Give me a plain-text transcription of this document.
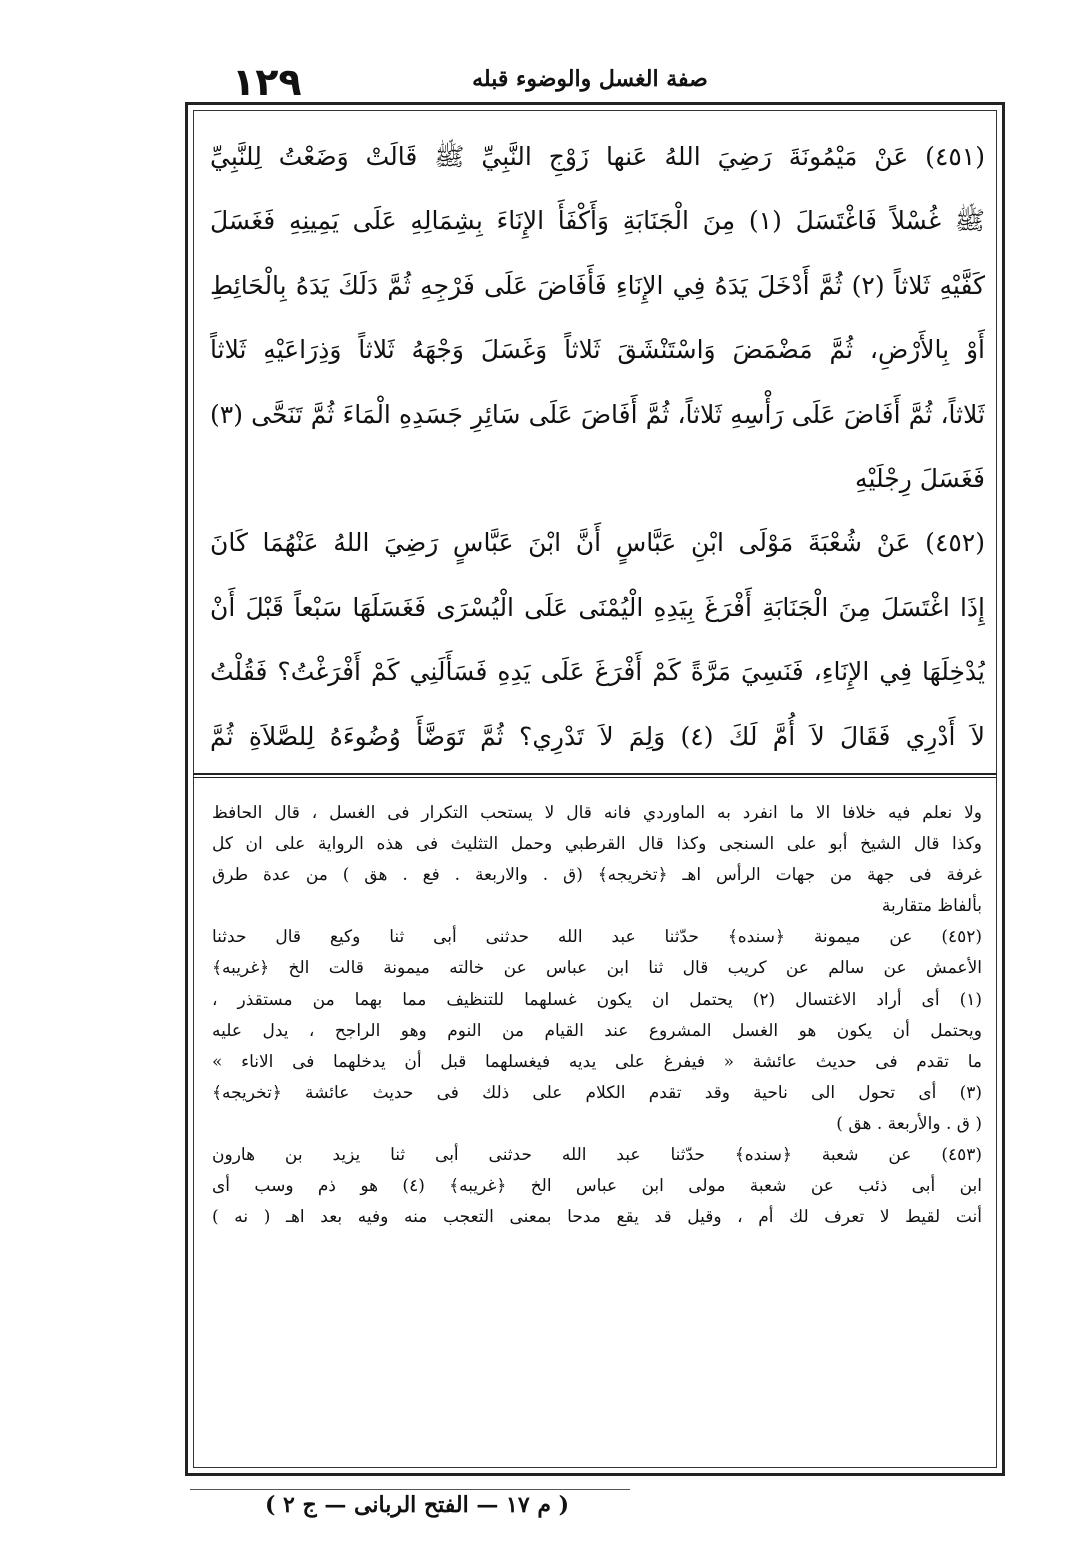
١٢٩	صفة الغسل والوضوء قبله
(٤٥١) عَنْ مَيْمُونَةَ رَضِيَ اللهُ عَنها زَوْجِ النَّبِيِّ ﷺ قَالَتْ وَضَعْتُ لِلنَّبِيِّ
ﷺ غُسْلاً فَاغْتَسَلَ (١) مِنَ الْجَنَابَةِ وَأَكْفَأَ الإِنَاءَ بِشِمَالِهِ عَلَى يَمِينِهِ فَغَسَلَ
كَفَّيْهِ ثَلاثاً (٢) ثُمَّ أَدْخَلَ يَدَهُ فِي الإِنَاءِ فَأَفَاضَ عَلَى فَرْجِهِ ثُمَّ دَلَكَ يَدَهُ بِالْحَائِطِ
أَوْ بِالأَرْضِ، ثُمَّ مَضْمَضَ وَاسْتَنْشَقَ ثَلاثاً وَغَسَلَ وَجْهَهُ ثَلاثاً وَذِرَاعَيْهِ ثَلاثاً
ثَلاثاً، ثُمَّ أَفَاضَ عَلَى رَأْسِهِ ثَلاثاً، ثُمَّ أَفَاضَ عَلَى سَائِرِ جَسَدِهِ الْمَاءَ ثُمَّ تَنَحَّى (٣)
فَغَسَلَ رِجْلَيْهِ
(٤٥٢) عَنْ شُعْبَةَ مَوْلَى ابْنِ عَبَّاسٍ أَنَّ ابْنَ عَبَّاسٍ رَضِيَ اللهُ عَنْهُمَا كَانَ
إِذَا اغْتَسَلَ مِنَ الْجَنَابَةِ أَفْرَغَ بِيَدِهِ الْيُمْنَى عَلَى الْيُسْرَى فَغَسَلَهَا سَبْعاً قَبْلَ أَنْ
يُدْخِلَهَا فِي الإِنَاءِ، فَنَسِيَ مَرَّةً كَمْ أَفْرَغَ عَلَى يَدِهِ فَسَأَلَنِي كَمْ أَفْرَغْتُ؟ فَقُلْتُ
لاَ أَدْرِي فَقَالَ لاَ أُمَّ لَكَ (٤) وَلِمَ لاَ تَدْرِي؟ ثُمَّ تَوَضَّأَ وُضُوءَهُ لِلصَّلاَةِ ثُمَّ
ولا نعلم فيه خلافا الا ما انفرد به الماوردي فانه قال لا يستحب التكرار فى الغسل ، قال الحافظ
وكذا قال الشيخ أبو على السنجى وكذا قال القرطبي وحمل التثليث فى هذه الرواية على ان كل
غرفة فى جهة من جهات الرأس اهـ ﴿تخريجه﴾ (ق . والاربعة . فع . هق ) من عدة طرق
بألفاظ متقاربة
(٤٥٢) عن ميمونة ﴿سنده﴾ حدّثنا عبد الله حدثنى أبى ثنا وكيع قال حدثنا
الأعمش عن سالم عن كريب قال ثنا ابن عباس عن خالته ميمونة قالت الخ ﴿غريبه﴾
(١) أى أراد الاغتسال (٢) يحتمل ان يكون غسلهما للتنظيف مما بهما من مستقذر ،
ويحتمل أن يكون هو الغسل المشروع عند القيام من النوم وهو الراجح ، يدل عليه
ما تقدم فى حديث عائشة « فيفرغ على يديه فيغسلهما قبل أن يدخلهما فى الاناء »
(٣) أى تحول الى ناحية وقد تقدم الكلام على ذلك فى حديث عائشة ﴿تخريجه﴾
( ق . والأربعة . هق )
(٤٥٣) عن شعبة ﴿سنده﴾ حدّثنا عبد الله حدثنى أبى ثنا يزيد بن هارون
ابن أبى ذئب عن شعبة مولى ابن عباس الخ ﴿غريبه﴾ (٤) هو ذم وسب أى
أنت لقيط لا تعرف لك أم ، وقيل قد يقع مدحا بمعنى التعجب منه وفيه بعد اهـ ( نه )
( م ١٧ — الفتح الربانى — ج ٢ )
